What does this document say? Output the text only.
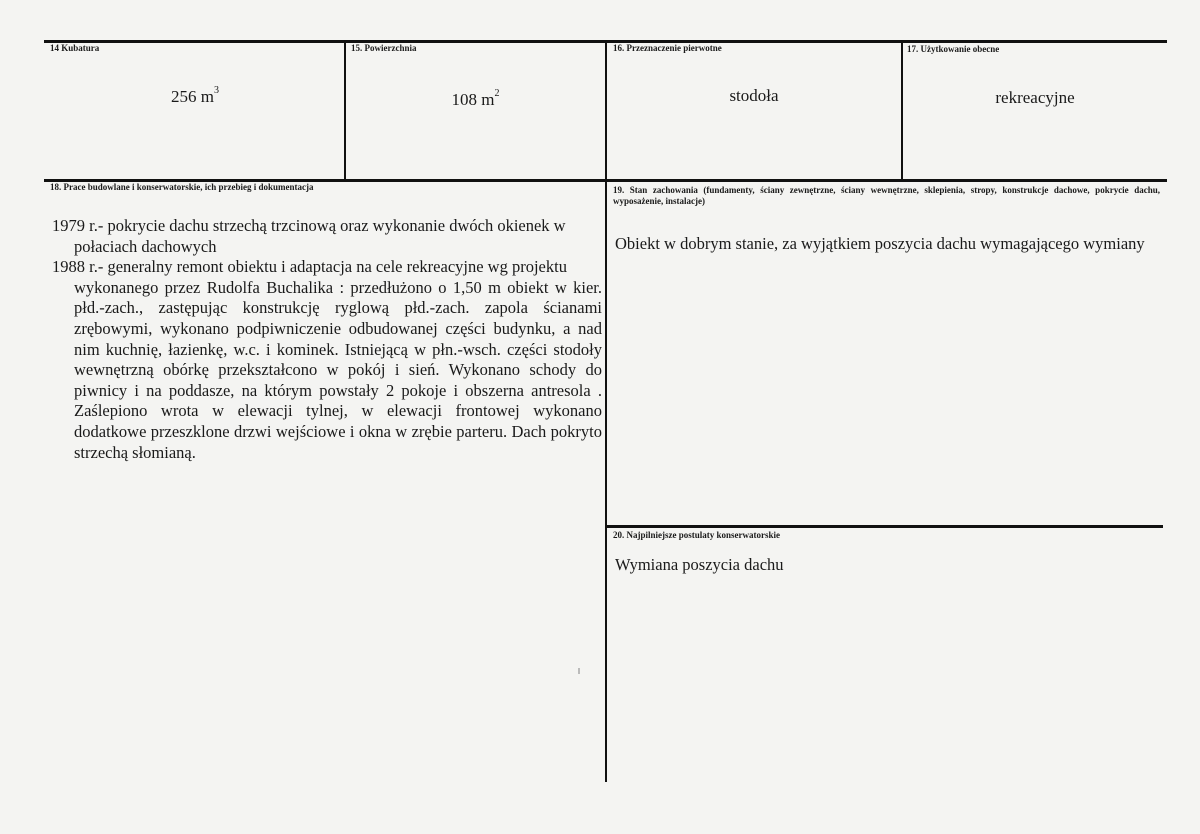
14 Kubatura
256 $m^3$
15. Powierzchnia
108 $m^2$
16. Przeznaczenie pierwotne
stodoła
17. Użytkowanie obecne
rekreacyjne
18. Prace budowlane i konserwatorskie, ich przebieg i dokumentacja
1979 r.- pokrycie dachu strzechą trzcinową oraz wykonanie dwóch okienek w
połaciach dachowych
1988 r.- generalny remont obiektu i adaptacja na cele rekreacyjne wg projektu
wykonanego przez Rudolfa Buchalika : przedłużono o 1,50 m obiekt w kier. płd.-zach., zastępując konstrukcję ryglową płd.-zach. zapola ścianami zrębowymi, wykonano podpiwniczenie odbudowanej części budynku, a nad nim kuchnię, łazienkę, w.c. i kominek. Istniejącą w płn.-wsch. części stodoły wewnętrzną obórkę przekształcono w pokój i sień. Wykonano schody do piwnicy i na poddasze, na którym powstały 2 pokoje i obszerna antresola . Zaślepiono wrota w elewacji tylnej, w elewacji frontowej wykonano dodatkowe przeszklone drzwi wejściowe i okna w zrębie parteru. Dach pokryto strzechą słomianą.
19. Stan zachowania (fundamenty, ściany zewnętrzne, ściany wewnętrzne, sklepienia, stropy, konstrukcje dachowe, pokrycie dachu, wyposażenie, instalacje)
Obiekt w dobrym stanie, za wyjątkiem poszycia dachu wymagającego wymiany
20. Najpilniejsze postulaty konserwatorskie
Wymiana poszycia dachu
